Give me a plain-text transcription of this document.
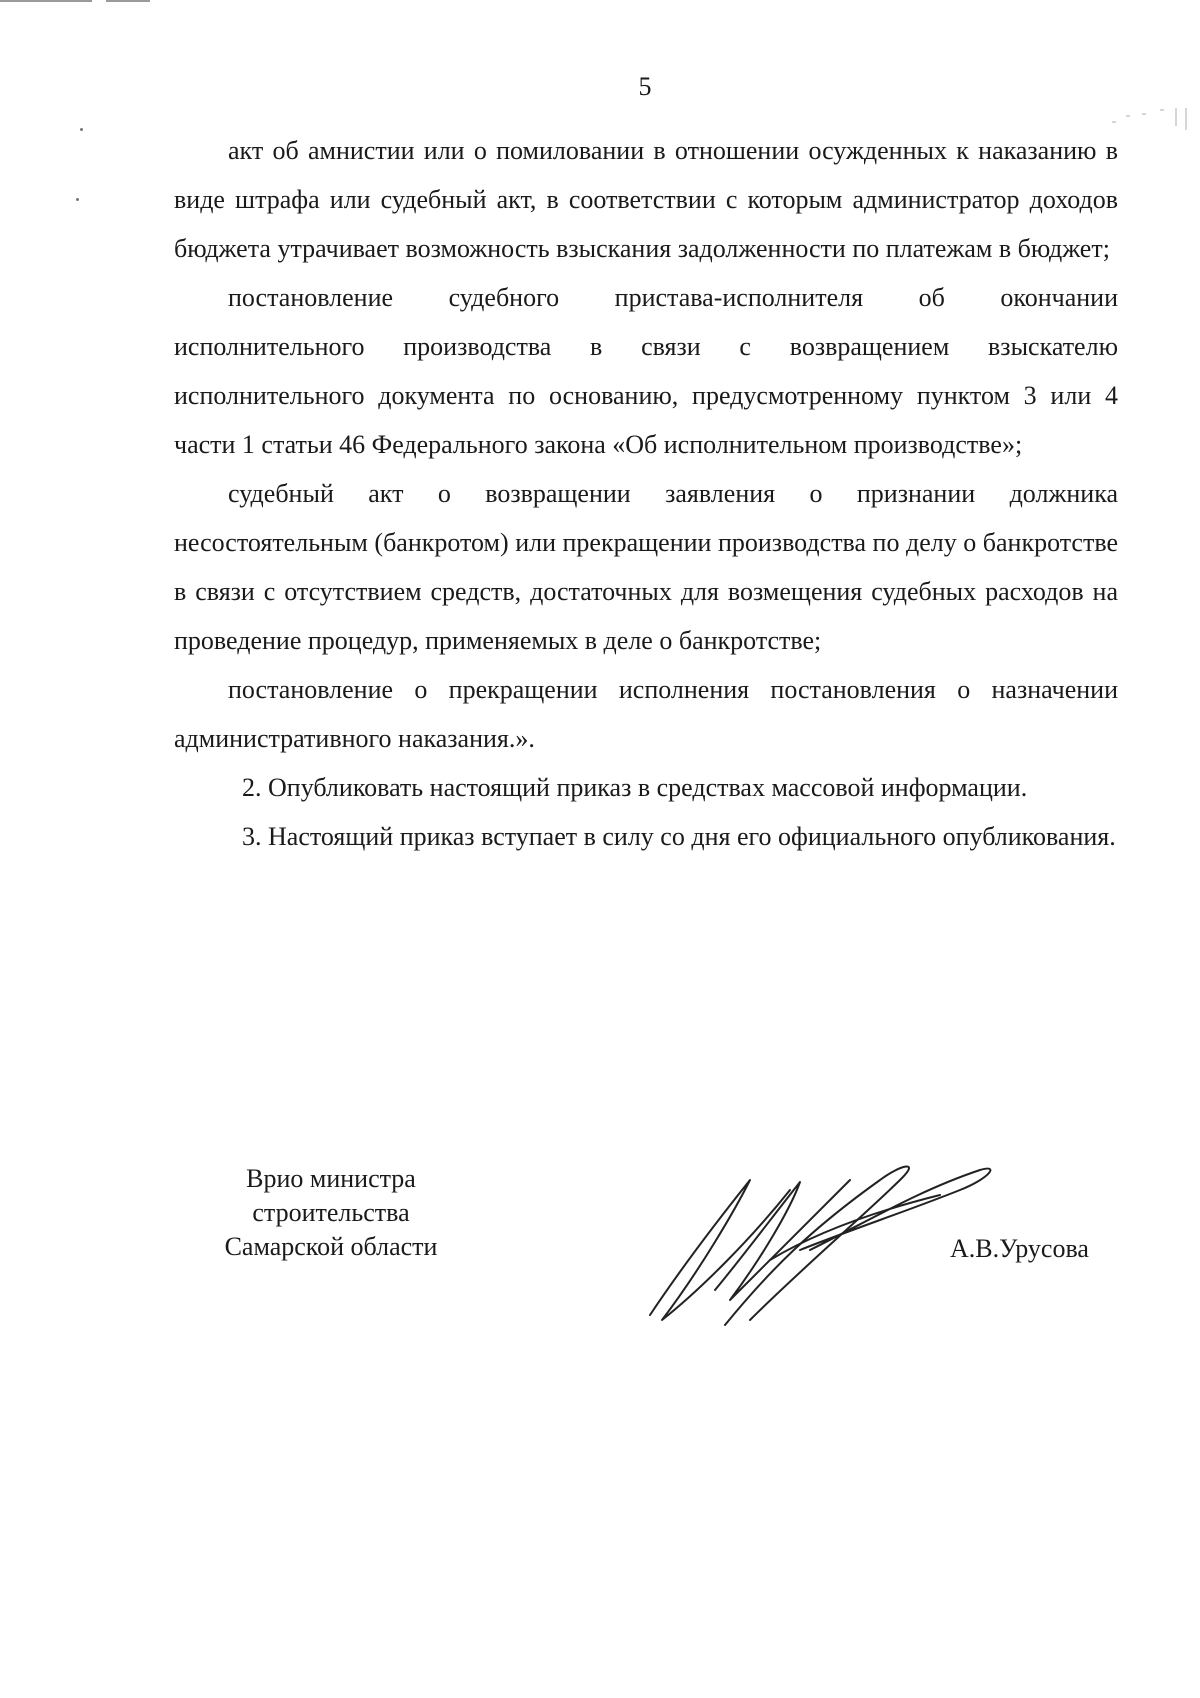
5

акт об амнистии или о помиловании в отношении осужденных к наказанию в виде штрафа или судебный акт, в соответствии с которым администратор доходов бюджета утрачивает возможность взыскания задолженности по платежам в бюджет;

постановление судебного пристава-исполнителя об окончании исполнительного производства в связи с возвращением взыскателю исполнительного документа по основанию, предусмотренному пунктом 3 или 4 части 1 статьи 46 Федерального закона «Об исполнительном производстве»;

судебный акт о возвращении заявления о признании должника несостоятельным (банкротом) или прекращении производства по делу о банкротстве в связи с отсутствием средств, достаточных для возмещения судебных расходов на проведение процедур, применяемых в деле о банкротстве;

постановление о прекращении исполнения постановления о назначении административного наказания.».

2. Опубликовать настоящий приказ в средствах массовой информации.

3. Настоящий приказ вступает в силу со дня его официального опубликования.

Врио министра
строительства
Самарской области	А.В.Урусова
